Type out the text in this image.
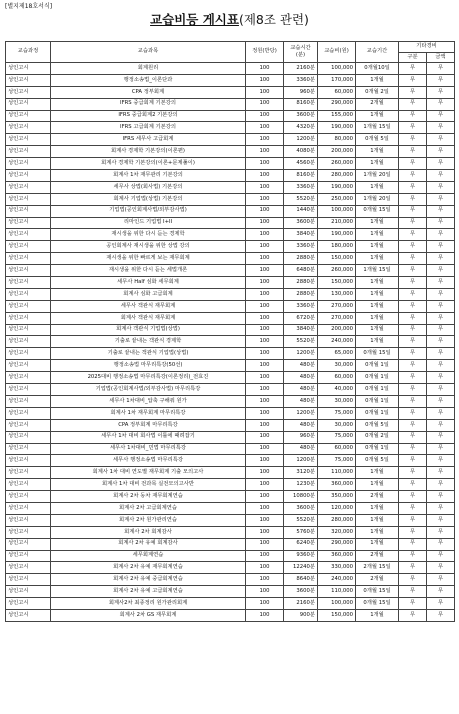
[별지제18호서식]
교습비등 게시표(제8조 관련)
교습과정	교습과목	정원(반당)	교습시간
(분)	교습비(원)	교습기간	기타경비	
						구분	금액
성인고시	회계원리	100	2160분	100,000	0개월10일	무	무
성인고시	행정소송법_이론단과	100	3360분	170,000	1개월	무	무
성인고시	CPA 정부회계	100	960분	60,000	0개월 2일	무	무
성인고시	IFRS 중급회계 기본강의	100	8160분	290,000	2개월	무	무
성인고시	IFRS 중급회계2 기본강의	100	3600분	155,000	1개월	무	무
성인고시	IFRS 고급회계 기본강의	100	4320분	190,000	1개월 15일	무	무
성인고시	IFRS 세무사 고급회계	100	1200분	80,000	0개월 5일	무	무
성인고시	회계사 경제학 기본강의(이론편)	100	4080분	200,000	1개월	무	무
성인고시	회계사 경제학 기본강의(이론+문제풀이)	100	4560분	260,000	1개월	무	무
성인고시	회계사 1차 재무관리 기본강의	100	8160분	280,000	1개월 20일	무	무
성인고시	세무사 상법(회사법) 기본강의	100	3360분	190,000	1개월	무	무
성인고시	회계사 기업법(상법) 기본강의	100	5520분	250,000	1개월 20일	무	무
성인고시	기업법(공인회계사법/외부감사법)	100	1440분	100,000	0개월 15일	무	무
성인고시	리마인드 기업법 I+II	100	3600분	210,000	1개월	무	무
성인고시	재시생을 위한 다시 듣는 경제학	100	3840분	190,000	1개월	무	무
성인고시	공인회계사 재시생을 위한 상법 강의	100	3360분	180,000	1개월	무	무
성인고시	재시생을 위한 빠르게 보는 재무회계	100	2880분	150,000	1개월	무	무
성인고시	재시생을 위한 다시 듣는 세법개론	100	6480분	260,000	1개월 15일	무	무
성인고시	세무사 Half 심화 세무회계	100	2880분	150,000	1개월	무	무
성인고시	회계사 심화 고급회계	100	2880분	130,000	1개월	무	무
성인고시	세무사 객관식 재무회계	100	3360분	270,000	1개월	무	무
성인고시	회계사 객관식 재무회계	100	6720분	270,000	1개월	무	무
성인고시	회계사 객관식 기업법(상법)	100	3840분	200,000	1개월	무	무
성인고시	기출로 끝내는 객관식 경제학	100	5520분	240,000	1개월	무	무
성인고시	기출로 끝내는 객관식 기업법(상법)	100	1200분	65,000	0개월 15일	무	무
성인고시	행정소송법 마무리특강(50선)	100	480분	30,000	0개월 1일	무	무
성인고시	2025대비 행정소송법 마무리특강(이론정리)_전효진	100	480분	60,000	0개월 1일	무	무
성인고시	기업법(공인회계사법/외부감사법) 마무리특강	100	480분	40,000	0개월 1일	무	무
성인고시	세무사 1차대비_압축 구해줘 원가	100	480분	30,000	0개월 1일	무	무
성인고시	회계사 1차 재무회계 마무리특강	100	1200분	75,000	0개월 1일	무	무
성인고시	CPA 정부회계 마무리특강	100	480분	30,000	0개월 5일	무	무
성인고시	세무사 1차 대비 회사법 이틀에 때려잡기	100	960분	75,000	0개월 2일	무	무
성인고시	세무사 1차대비_민법 마무리특강	100	480분	60,000	0개월 1일	무	무
성인고시	세무사 행정소송법 마무리특강	100	1200분	75,000	0개월 5일	무	무
성인고시	회계사 1차 대비 연도별 재무회계 기출 모의고사	100	3120분	110,000	1개월	무	무
성인고시	회계사 1차 대비 전과목 실전모의고사반	100	1230분	360,000	1개월	무	무
성인고시	회계사 2차 동차 재무회계연습	100	10800분	350,000	2개월	무	무
성인고시	회계사 2차 고급회계연습	100	3600분	120,000	1개월	무	무
성인고시	회계사 2차 원가관리연습	100	5520분	280,000	1개월	무	무
성인고시	회계사 2차 회계감사	100	5760분	320,000	1개월	무	무
성인고시	회계사 2차 유예 회계감사	100	6240분	290,000	1개월	무	무
성인고시	세무회계연습	100	9360분	360,000	2개월	무	무
성인고시	회계사 2차 유예 재무회계연습	100	12240분	330,000	2개월 15일	무	무
성인고시	회계사 2차 유예 중급회계연습	100	8640분	240,000	2개월	무	무
성인고시	회계사 2차 유예 고급회계연습	100	3600분	110,000	0개월 15일	무	무
성인고시	회계사2차 최종정리 원가관리회계	100	2160분	100,000	0개월 15일	무	무
성인고시	회계사 2차 GS 재무회계	100	900분	150,000	1개월	무	무
